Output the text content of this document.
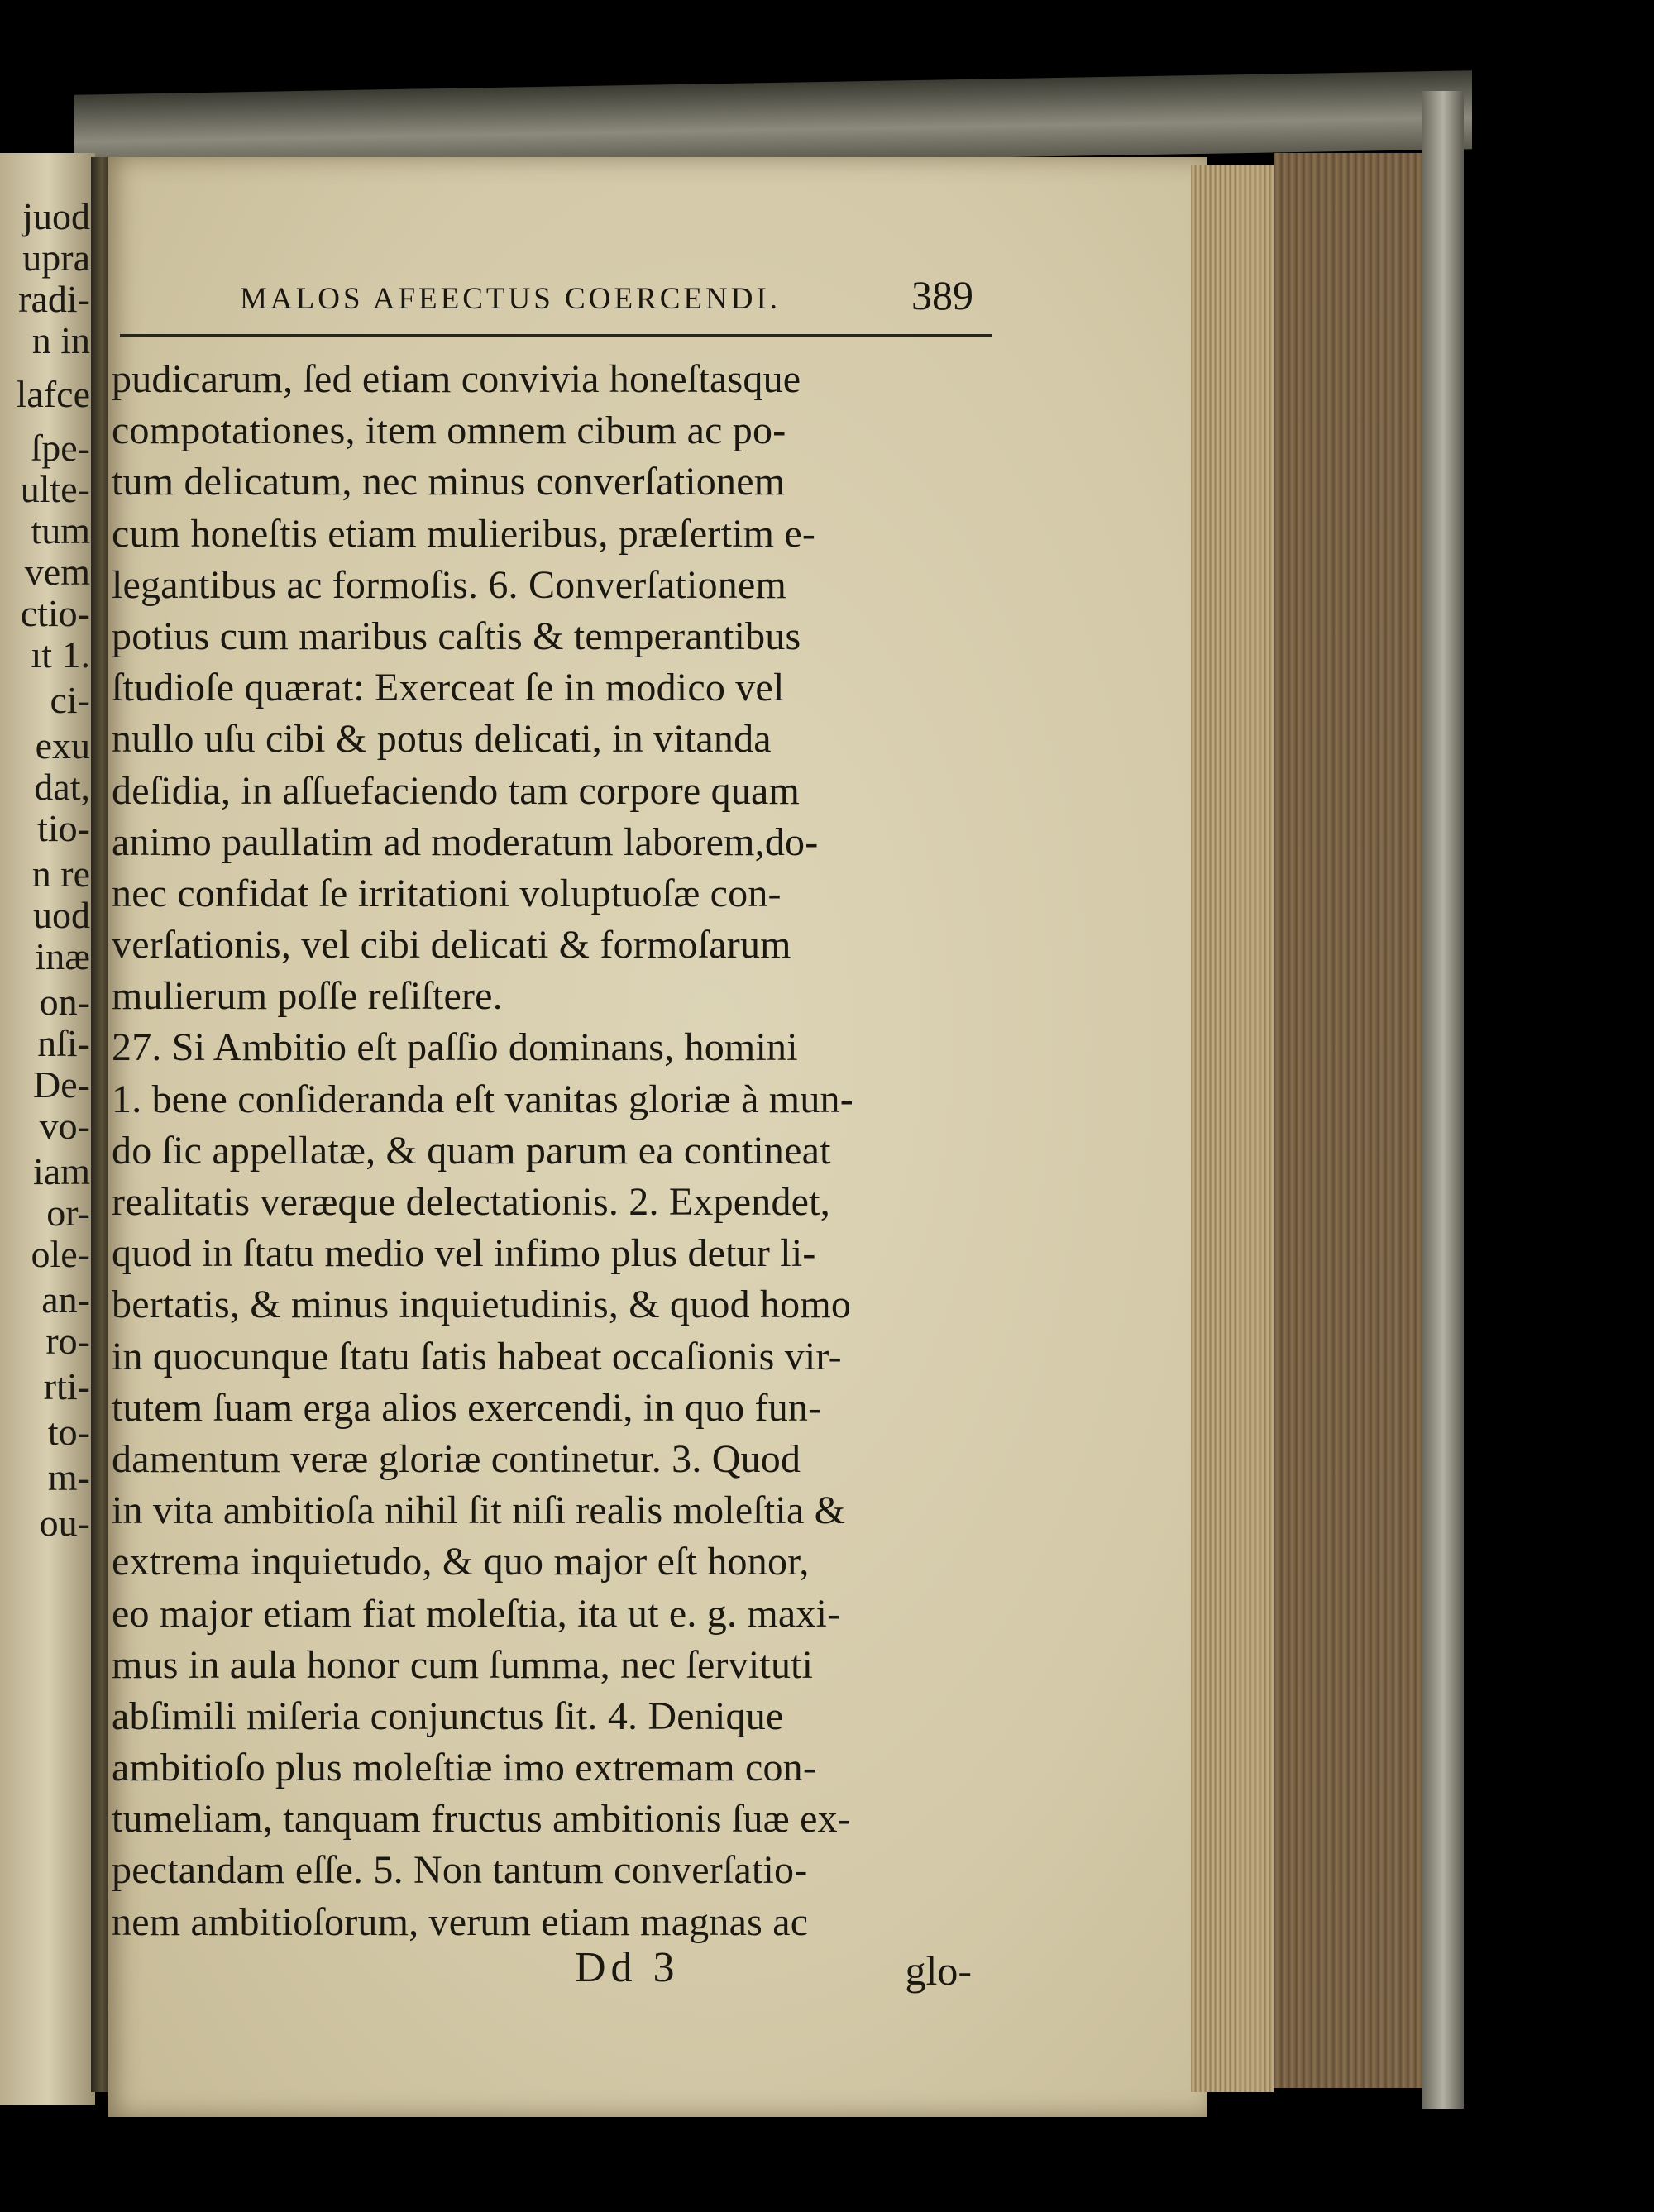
juod
upra
radi-
n in
lafce
ſpe-
ulte-
tum
vem
ctio-
ıt 1.
ci-
exu
dat,
tio-
n re
uod
inæ
on-
nſi-
De-
vo-
iam
or-
ole-
an-
ro-
rti-
to-
m-
ou-
MALOS AFEECTUS COERCENDI.	389
pudicarum, ſed etiam convivia honeſtasque
compotationes, item omnem cibum ac po-
tum delicatum, nec minus converſationem
cum honeſtis etiam mulieribus, præſertim e-
legantibus ac formoſis. 6. Converſationem
potius cum maribus caſtis & temperantibus
ſtudioſe quærat: Exerceat ſe in modico vel
nullo uſu cibi & potus delicati, in vitanda
deſidia, in aſſuefaciendo tam corpore quam
animo paullatim ad moderatum laborem,do-
nec confidat ſe irritationi voluptuoſæ con-
verſationis, vel cibi delicati & formoſarum
mulierum poſſe reſiſtere.
27. Si Ambitio eſt paſſio dominans, homini
1. bene conſideranda eſt vanitas gloriæ à mun-
do ſic appellatæ, & quam parum ea contineat
realitatis veræque delectationis. 2. Expendet,
quod in ſtatu medio vel infimo plus detur li-
bertatis, & minus inquietudinis, & quod homo
in quocunque ſtatu ſatis habeat occaſionis vir-
tutem ſuam erga alios exercendi, in quo fun-
damentum veræ gloriæ continetur. 3. Quod
in vita ambitioſa nihil ſit niſi realis moleſtia &
extrema inquietudo, & quo major eſt honor,
eo major etiam fiat moleſtia, ita ut e. g. maxi-
mus in aula honor cum ſumma, nec ſervituti
abſimili miſeria conjunctus ſit. 4. Denique
ambitioſo plus moleſtiæ imo extremam con-
tumeliam, tanquam fructus ambitionis ſuæ ex-
pectandam eſſe. 5. Non tantum converſatio-
nem ambitioſorum, verum etiam magnas ac
Dd 3	glo-
